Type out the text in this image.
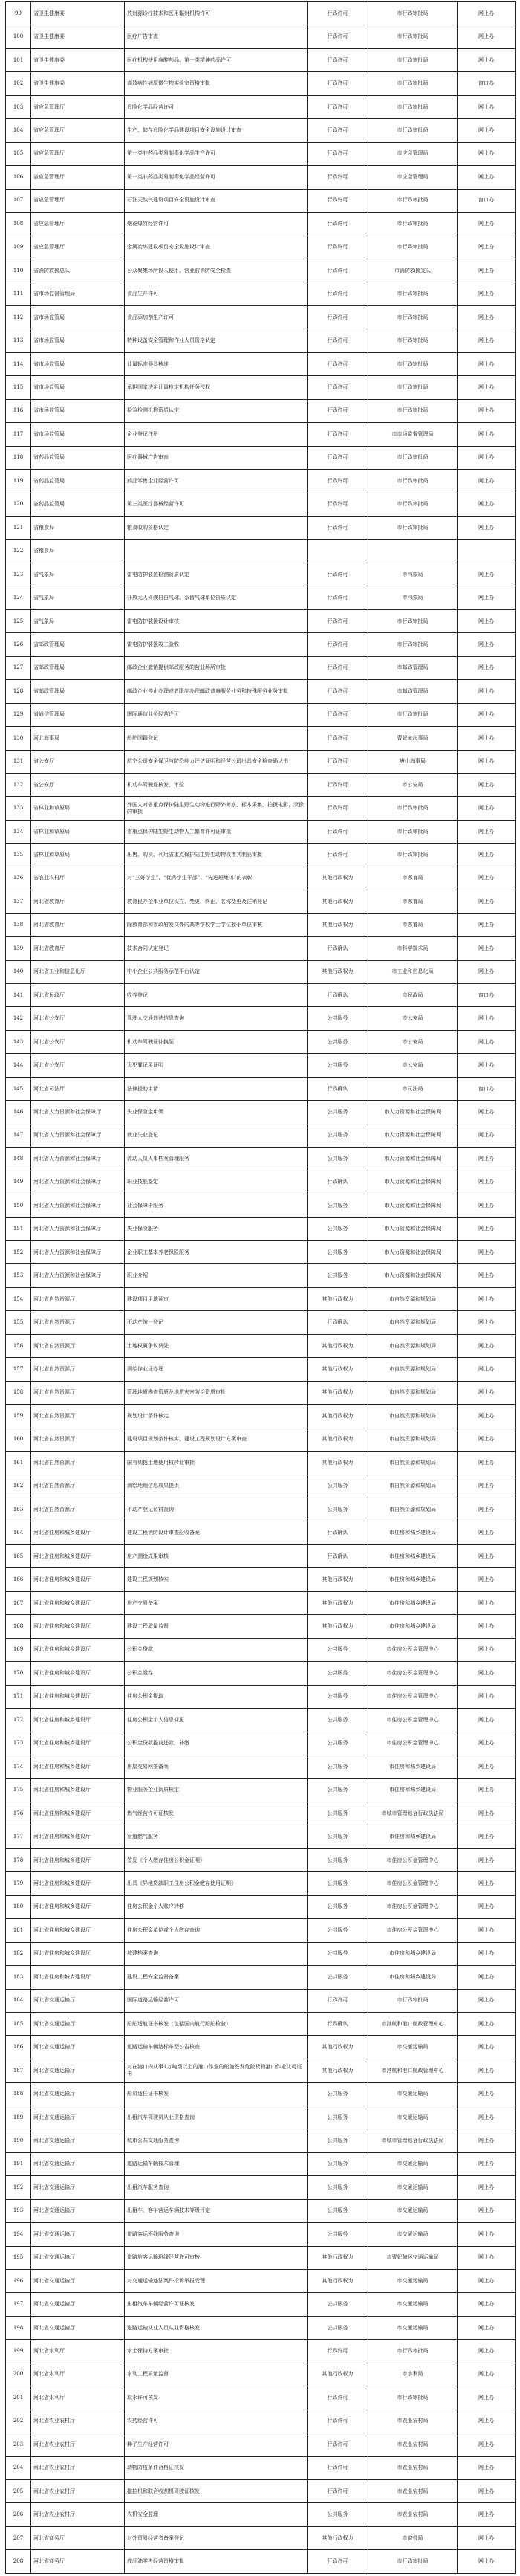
99	省卫生健康委	放射源诊疗技术和医用辐射机构许可	行政许可	市行政审批局	网上办
100	省卫生健康委	医疗广告审查	行政许可	市行政审批局	网上办
101	省卫生健康委	医疗机构使用麻醉药品、第一类精神药品许可	行政许可	市行政审批局	网上办
102	省卫生健康委	高致病性病原微生物实验室资格审批	行政许可	市行政审批局	窗口办
103	省应急管理厅	危险化学品经营许可	行政许可	市行政审批局	网上办
104	省应急管理厅	生产、储存危险化学品建设项目安全设施设计审查	行政许可	市行政审批局	网上办
105	省应急管理厅	第一类非药品类易制毒化学品生产许可	行政许可	市应急管理局	网上办
106	省应急管理厅	第一类非药品类易制毒化学品经营许可	行政许可	市应急管理局	网上办
107	省应急管理厅	石油天然气建设项目安全设施设计审查	行政许可	市行政审批局	窗口办
108	省应急管理厅	烟花爆竹经营许可	行政许可	市行政审批局	网上办
109	省应急管理厅	金属冶炼建设项目安全设施设计审查	行政许可	市行政审批局	网上办
110	省消防救援总队	公众聚集场所投入使用、营业前消防安全检查	行政许可	市消防救援支队	网上办
111	省市场监督管理局	食品生产许可	行政许可	市行政审批局	网上办
112	省市场监管局	食品添加剂生产许可	行政许可	市行政审批局	网上办
113	省市场监管局	特种设备安全管理和作业人员资格认定	行政许可	市行政审批局	网上办
114	省市场监管局	计量标准器具核准	行政许可	市行政审批局	网上办
115	省市场监管局	承担国家法定计量检定机构任务授权	行政许可	市行政审批局	网上办
116	省市场监管局	检验检测机构资质认定	行政许可	市行政审批局	网上办
117	省市场监管局	企业登记注册	行政许可	市市场监督管理局	网上办
118	省药品监管局	医疗器械广告审查	行政许可	市行政审批局	网上办
119	省药品监管局	药品零售企业经营许可	行政许可	市行政审批局	网上办
120	省药品监管局	第三类医疗器械经营许可	行政许可	市行政审批局	网上办
121	省粮食局	粮食收购资格认定	行政许可	市行政审批局	网上办
122	省粮食局				
123	省气象局	雷电防护装置检测资质认定	行政许可	市气象局	网上办
124	省气象局	升放无人驾驶自由气球、系留气球单位资质认定	行政许可	市气象局	网上办
125	省气象局	雷电防护装置设计审核	行政许可	市行政审批局	网上办
126	省邮政管理局	雷电防护装置竣工验收	行政许可	市行政审批局	网上办
127	省邮政管理局	邮政企业撤销提供邮政服务的营业场所审批	行政许可	市邮政管理局	网上办
128	省邮政管理局	邮政企业停止办理或者限制办理邮政普遍服务业务和特殊服务业务审批	行政许可	市邮政管理局	网上办
129	省通信管理局	国际通信业务经营许可	行政许可	市行政审批局	网上办
130	河北海事局	船舶国籍登记	行政许可	曹妃甸海事局	网上办
131	省公安厅	航空公司安全保卫与防恐能力评估证明和经营公司出具安全检查确认书	行政许可	唐山海事局	网上办
132	省公安厅	机动车驾驶证核发、审验	行政许可	市公安局	网上办
133	省林业和草原局	外国人对省重点保护陆生野生动物进行野外考察、标本采集、拍摄电影、录像的审批	行政许可	市行政审批局	网上办
134	省林业和草原局	省重点保护陆生野生动物人工繁育许可证审批	行政许可	市行政审批局	网上办
135	省林业和草原局	出售、购买、利用省重点保护陆生野生动物或者其制品审批	行政许可	市行政审批局	网上办
136	省农业农村厅	对“三好学生”、“优秀学生干部”、“先进班集体”的表彰	其他行政权力	市教育局	网上办
137	河北省教育厅	教育民办企事业单位设立、变更、终止、名称变更及注销登记	其他行政权力	市教育局	网上办
138	河北省教育厅	除教育部和省政府发文外的高等学校学士学位授予单位审核	其他行政权力	市教育局	网上办
139	河北省教育厅	技术合同认定登记	行政确认	市科学技术局	网上办
140	河北省工业和信息化厅	中小企业公共服务示范平台认定	其他行政权力	市工业和信息化局	网上办
141	河北省民政厅	收养登记	行政确认	市民政局	窗口办
142	河北省公安厅	驾驶人交通违法信息查询	公共服务	市公安局	网上办
143	河北省公安厅	机动车驾驶证补换领	公共服务	市公安局	网上办
144	河北省公安厅	无犯罪记录证明	公共服务	市公安局	网上办
145	河北省司法厅	法律援助申请	行政确认	市司法局	窗口办
146	河北省人力资源和社会保障厅	失业保险金申领	公共服务	市人力资源和社会保障局	网上办
147	河北省人力资源和社会保障厅	就业失业登记	公共服务	市人力资源和社会保障局	网上办
148	河北省人力资源和社会保障厅	流动人员人事档案管理服务	公共服务	市人力资源和社会保障局	网上办
149	河北省人力资源和社会保障厅	职业技能鉴定	行政确认	市人力资源和社会保障局	网上办
150	河北省人力资源和社会保障厅	社会保障卡服务	公共服务	市人力资源和社会保障局	网上办
151	河北省人力资源和社会保障厅	失业保险服务	公共服务	市人力资源和社会保障局	网上办
152	河北省人力资源和社会保障厅	企业职工基本养老保险服务	公共服务	市人力资源和社会保障局	网上办
153	河北省人力资源和社会保障厅	职业介绍	公共服务	市人力资源和社会保障局	网上办
154	河北省自然资源厅	建设项目用地预审	其他行政权力	市自然资源和规划局	网上办
155	河北省自然资源厅	不动产统一登记	行政确认	市自然资源和规划局	网上办
156	河北省自然资源厅	土地权属争议调处	其他行政权力	市自然资源和规划局	网上办
157	河北省自然资源厅	测绘作业证办理	其他行政权力	市自然资源和规划局	网上办
158	河北省自然资源厅	管理地质勘查资质及地质灾害防治资质审批	其他行政权力	市自然资源和规划局	网上办
159	河北省自然资源厅	规划设计条件核定	其他行政权力	市自然资源和规划局	网上办
160	河北省自然资源厅	建设项目规划条件核实，建设工程规划设计方案审查	其他行政权力	市自然资源和规划局	网上办
161	河北省自然资源厅	国有划拨土地使用权转让审批	其他行政权力	市自然资源和规划局	网上办
162	河北省自然资源厅	测绘地理信息成果提供	公共服务	市自然资源和规划局	网上办
163	河北省自然资源厅	不动产登记资料查询	公共服务	市自然资源和规划局	网上办
164	河北省住房和城乡建设厅	建设工程消防设计审查验收备案	行政确认	市住房和城乡建设局	网上办
165	河北省住房和城乡建设厅	房产测绘成果审核	行政确认	市住房和城乡建设局	网上办
166	河北省住房和城乡建设厅	建设工程规划核实	其他行政权力	市住房和城乡建设局	网上办
167	河北省住房和城乡建设厅	房产交易备案	其他行政权力	市住房和城乡建设局	网上办
168	河北省住房和城乡建设厅	建设工程质量监督	其他行政权力	市住房和城乡建设局	网上办
169	河北省住房和城乡建设厅	公积金贷款	公共服务	市住房公积金管理中心	网上办
170	河北省住房和城乡建设厅	公积金缴存	公共服务	市住房公积金管理中心	网上办
171	河北省住房和城乡建设厅	住房公积金提取	公共服务	市住房公积金管理中心	网上办
172	河北省住房和城乡建设厅	住房公积金个人信息变更	公共服务	市住房公积金管理中心	网上办
173	河北省住房和城乡建设厅	公积金贷款提前还款，补缴	公共服务	市住房公积金管理中心	网上办
174	河北省住房和城乡建设厅	房屋交易网签备案	公共服务	市住房和城乡建设局	网上办
175	河北省住房和城乡建设厅	物业服务企业资质核定	公共服务	市住房和城乡建设局	网上办
176	河北省住房和城乡建设厅	燃气经营许可证核发	公共服务	市城市管理综合行政执法局	网上办
177	河北省住房和城乡建设厅	管道燃气服务	公共服务	市住房和城乡建设局	网上办
178	河北省住房和城乡建设厅	签发《个人缴存住房公积金证明》	公共服务	市住房公积金管理中心	网上办
179	河北省住房和城乡建设厅	出具《异地贷款职工住房公积金缴存使用证明》	公共服务	市住房公积金管理中心	网上办
180	河北省住房和城乡建设厅	住房公积金个人账户转移	公共服务	市住房公积金管理中心	网上办
181	河北省住房和城乡建设厅	住房公积金单位或个人缴存查询	公共服务	市住房公积金管理中心	网上办
182	河北省住房和城乡建设厅	城建档案查询	公共服务	市住房和城乡建设局	网上办
183	河北省住房和城乡建设厅	建设工程安全监督备案	公共服务	市住房和城乡建设局	网上办
184	河北省交通运输厅	国际道路运输经营许可	行政许可	市行政审批局	网上办
185	河北省交通运输厅	船舶适航证书核发（包括国内航行船舶检验）	行政确认	市港航和港口航政管理中心	网上办
186	河北省交通运输厅	道路运输车辆达标车型公告核查	其他行政权力	市交通运输局	网上办
187	河北省交通运输厅	对在港口内从事1万吨级以上的港口作业的船舶签发危险货物港口作业认可证书	其他行政权力	市港航和港口航政管理中心	网上办
188	河北省交通运输厅	船员适任证书核发	公共服务	市交通运输局	网上办
189	河北省交通运输厅	出租汽车驾驶员从业资格查询	公共服务	市交通运输局	网上办
190	河北省交通运输厅	城市公共交通服务查询	公共服务	市城市管理综合行政执法局	网上办
191	河北省交通运输厅	道路运输车辆技术管理	公共服务	市交通运输局	网上办
192	河北省交通运输厅	出租汽车服务查询	公共服务	市交通运输局	网上办
193	河北省交通运输厅	出租车、客车营运车辆技术等级评定	公共服务	市交通运输局	网上办
194	河北省交通运输厅	道路客运班线服务查询	公共服务	市交通运输局	网上办
195	河北省交通运输厅	道路旅客运输班线经营许可审核	其他行政权力	市曹妃甸区交通运输局	网上办
196	河北省交通运输厅	对交通运输违法案件投诉举报受理	其他行政权力	市交通运输局	网上办
197	河北省交通运输厅	出租汽车车辆经营许可证核发	公共服务	市交通运输局	网上办
198	河北省交通运输厅	道路运输从业人员从业资格核发	公共服务	市交通运输局	网上办
199	河北省水利厅	水土保持方案审批	行政许可	市行政审批局	网上办
200	河北省水利厅	水利工程质量监督	其他行政权力	市水利局	网上办
201	河北省水利厅	取水许可核发	行政许可	市行政审批局	网上办
202	河北省农业农村厅	农药经营许可	行政许可	市农业农村局	网上办
203	河北省农业农村厅	种子生产经营许可	行政许可	市农业农村局	网上办
204	河北省农业农村厅	动物防疫条件合格证核发	行政许可	市农业农村局	网上办
205	河北省农业农村厅	拖拉机和联合收割机驾驶证核发	行政许可	市农业农村局	网上办
206	河北省农业农村厅	农机安全监理	公共服务	市农业农村局	网上办
207	河北省商务厅	对外贸易经营者备案登记	其他行政权力	市商务局	网上办
208	河北省商务厅	成品油零售经营资格审批	行政许可	市行政审批局	网上办
